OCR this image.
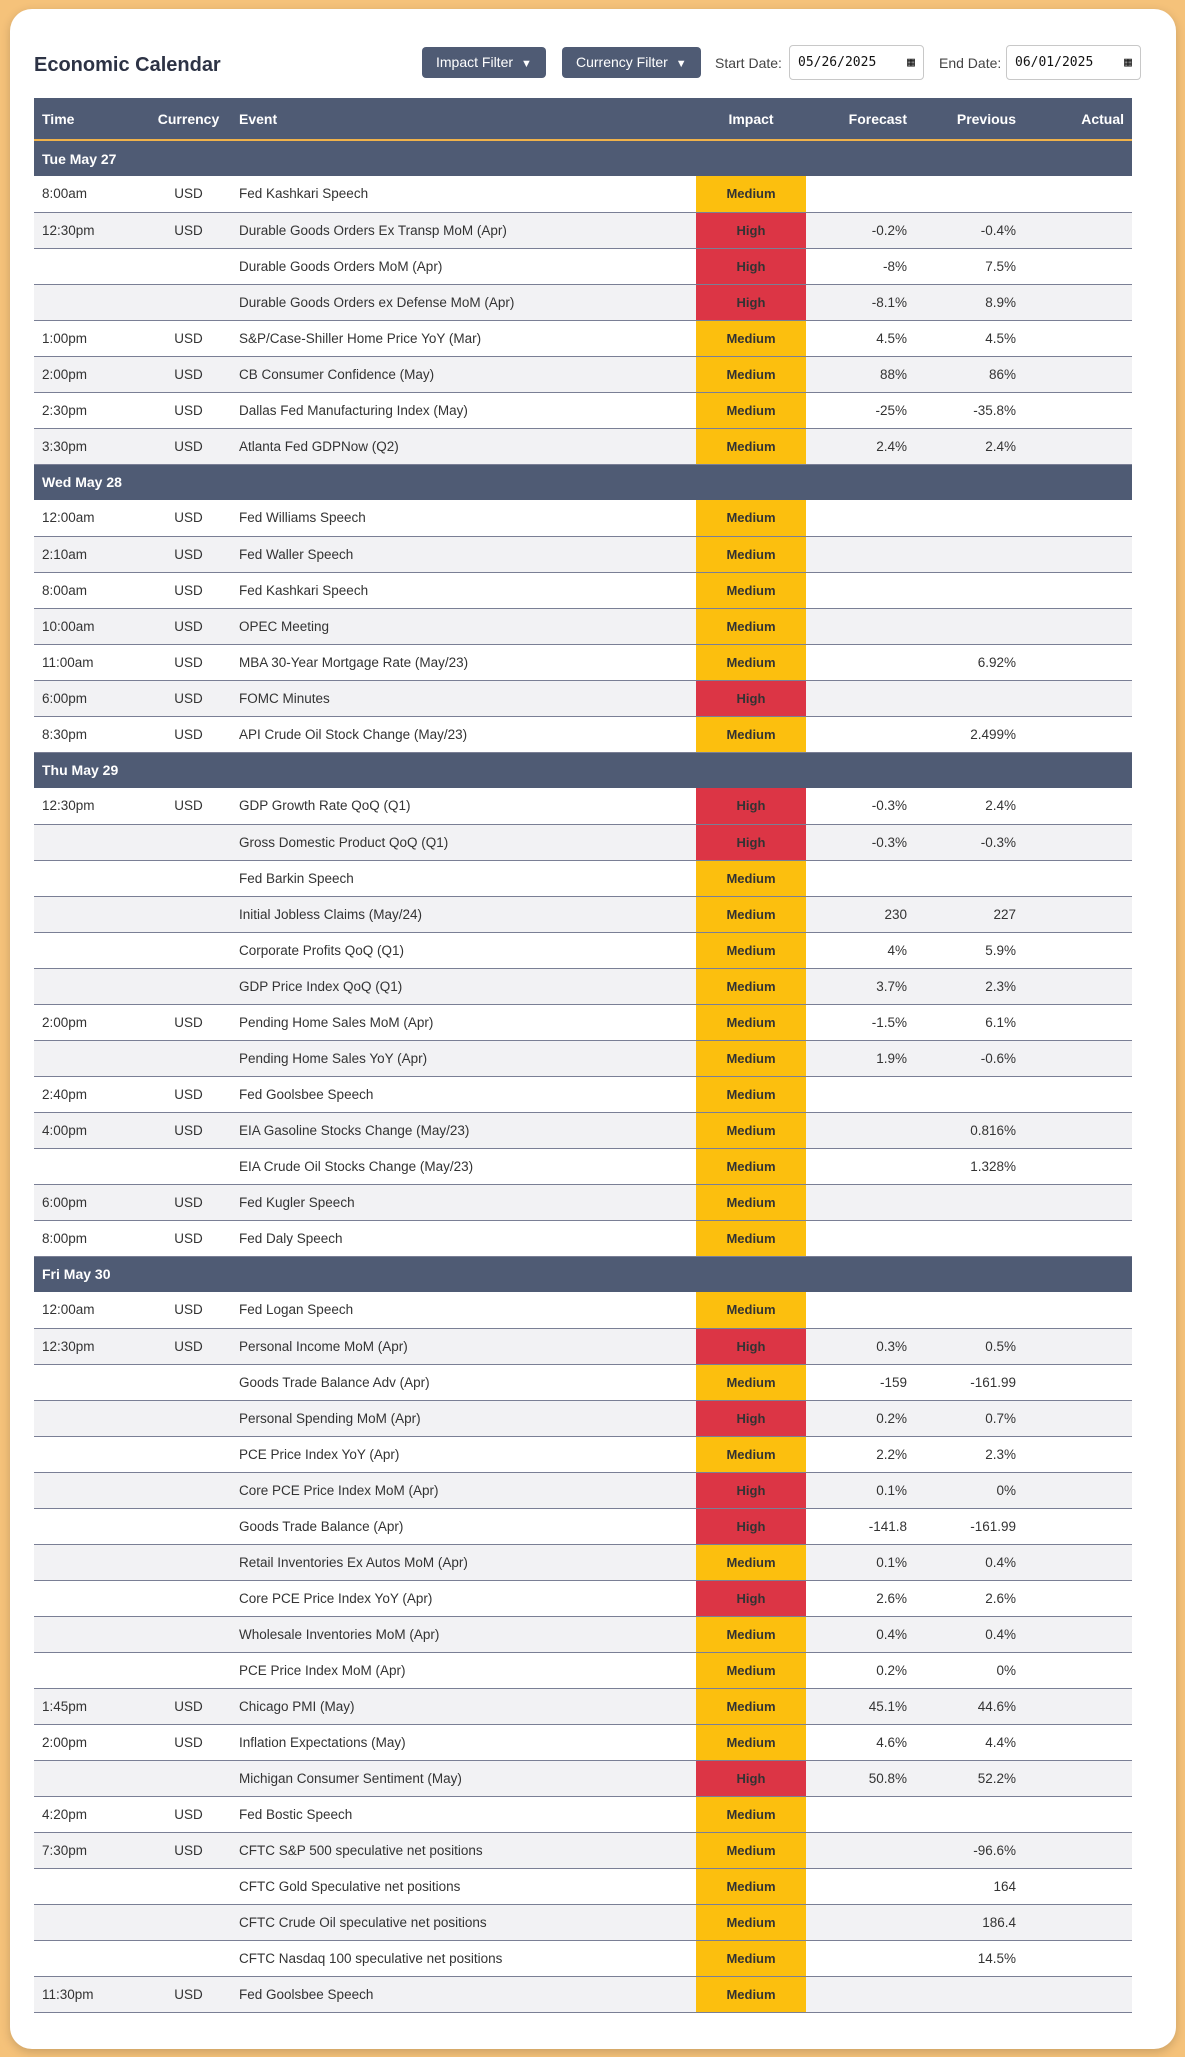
Economic Calendar	Impact Filter ▼	Currency Filter ▼	Start Date:	05/26/2025 ▦ End Date:	06/01/2025 ▦
Time	Currency	Event	Impact	Forecast	Previous	Actual
Tue May 27						
8:00am	USD	Fed Kashkari Speech	Medium			
12:30pm	USD	Durable Goods Orders Ex Transp MoM (Apr)	High	-0.2%	-0.4%	
		Durable Goods Orders MoM (Apr)	High	-8%	7.5%	
		Durable Goods Orders ex Defense MoM (Apr)	High	-8.1%	8.9%	
1:00pm	USD	S&P/Case-Shiller Home Price YoY (Mar)	Medium	4.5%	4.5%	
2:00pm	USD	CB Consumer Confidence (May)	Medium	88%	86%	
2:30pm	USD	Dallas Fed Manufacturing Index (May)	Medium	-25%	-35.8%	
3:30pm	USD	Atlanta Fed GDPNow (Q2)	Medium	2.4%	2.4%	
Wed May 28						
12:00am	USD	Fed Williams Speech	Medium			
2:10am	USD	Fed Waller Speech	Medium			
8:00am	USD	Fed Kashkari Speech	Medium			
10:00am	USD	OPEC Meeting	Medium			
11:00am	USD	MBA 30-Year Mortgage Rate (May/23)	Medium		6.92%	
6:00pm	USD	FOMC Minutes	High			
8:30pm	USD	API Crude Oil Stock Change (May/23)	Medium		2.499%	
Thu May 29						
12:30pm	USD	GDP Growth Rate QoQ (Q1)	High	-0.3%	2.4%	
		Gross Domestic Product QoQ (Q1)	High	-0.3%	-0.3%	
		Fed Barkin Speech	Medium			
		Initial Jobless Claims (May/24)	Medium	230	227	
		Corporate Profits QoQ (Q1)	Medium	4%	5.9%	
		GDP Price Index QoQ (Q1)	Medium	3.7%	2.3%	
2:00pm	USD	Pending Home Sales MoM (Apr)	Medium	-1.5%	6.1%	
		Pending Home Sales YoY (Apr)	Medium	1.9%	-0.6%	
2:40pm	USD	Fed Goolsbee Speech	Medium			
4:00pm	USD	EIA Gasoline Stocks Change (May/23)	Medium		0.816%	
		EIA Crude Oil Stocks Change (May/23)	Medium		1.328%	
6:00pm	USD	Fed Kugler Speech	Medium			
8:00pm	USD	Fed Daly Speech	Medium			
Fri May 30						
12:00am	USD	Fed Logan Speech	Medium			
12:30pm	USD	Personal Income MoM (Apr)	High	0.3%	0.5%	
		Goods Trade Balance Adv (Apr)	Medium	-159	-161.99	
		Personal Spending MoM (Apr)	High	0.2%	0.7%	
		PCE Price Index YoY (Apr)	Medium	2.2%	2.3%	
		Core PCE Price Index MoM (Apr)	High	0.1%	0%	
		Goods Trade Balance (Apr)	High	-141.8	-161.99	
		Retail Inventories Ex Autos MoM (Apr)	Medium	0.1%	0.4%	
		Core PCE Price Index YoY (Apr)	High	2.6%	2.6%	
		Wholesale Inventories MoM (Apr)	Medium	0.4%	0.4%	
		PCE Price Index MoM (Apr)	Medium	0.2%	0%	
1:45pm	USD	Chicago PMI (May)	Medium	45.1%	44.6%	
2:00pm	USD	Inflation Expectations (May)	Medium	4.6%	4.4%	
		Michigan Consumer Sentiment (May)	High	50.8%	52.2%	
4:20pm	USD	Fed Bostic Speech	Medium			
7:30pm	USD	CFTC S&P 500 speculative net positions	Medium		-96.6%	
		CFTC Gold Speculative net positions	Medium		164	
		CFTC Crude Oil speculative net positions	Medium		186.4	
		CFTC Nasdaq 100 speculative net positions	Medium		14.5%	
11:30pm	USD	Fed Goolsbee Speech	Medium			
